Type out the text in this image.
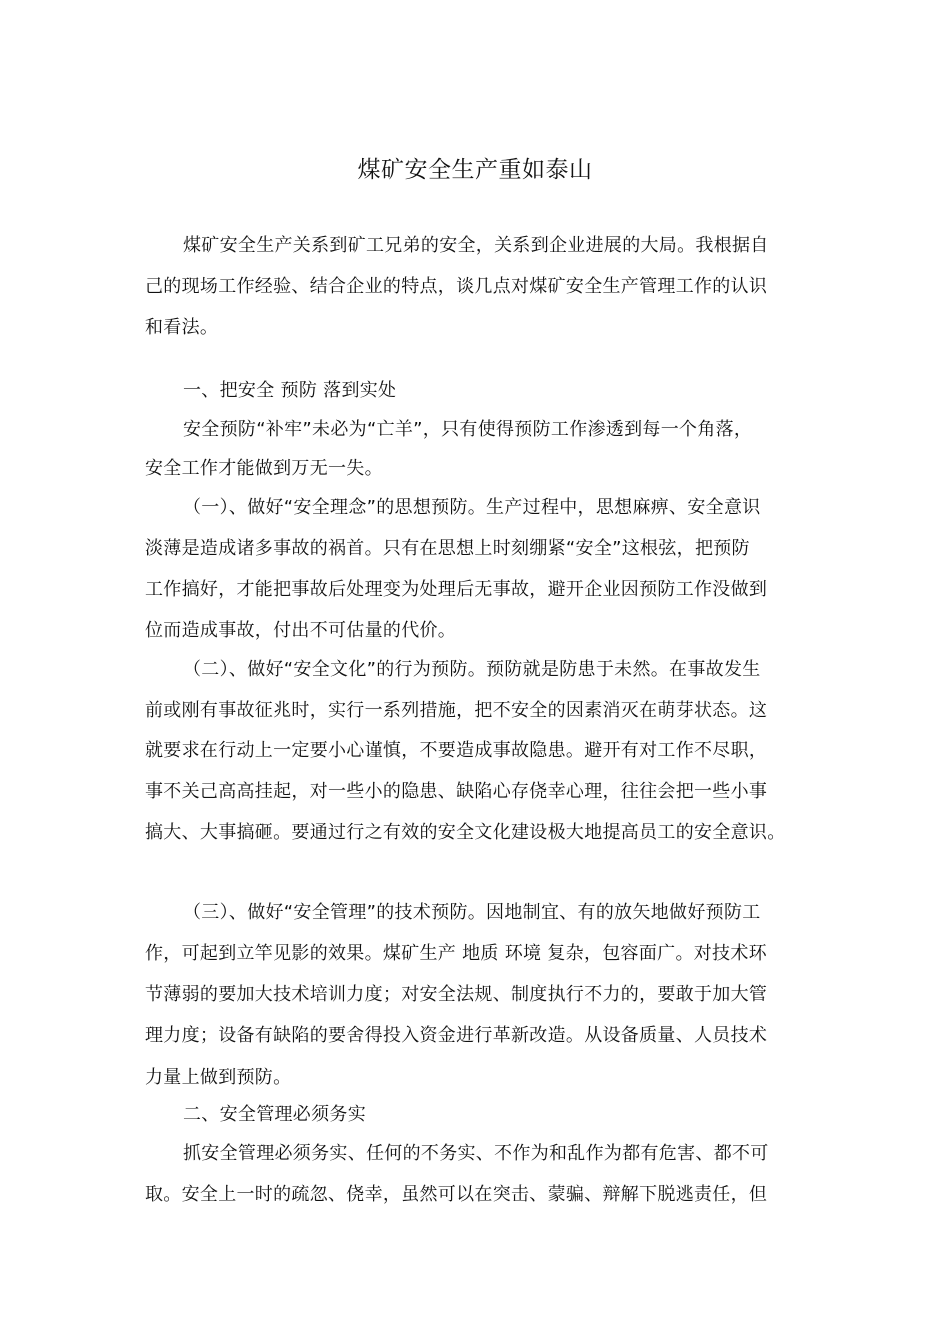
煤矿安全生产重如泰山
煤矿安全生产关系到矿工兄弟的安全，关系到企业进展的大局。我根据自
己的现场工作经验、结合企业的特点，谈几点对煤矿安全生产管理工作的认识
和看法。
一、把安全 预防 落到实处
安全预防“补牢”未必为“亡羊”，只有使得预防工作渗透到每一个角落，
安全工作才能做到万无一失。
（一）、做好“安全理念”的思想预防。生产过程中，思想麻痹、安全意识
淡薄是造成诸多事故的祸首。只有在思想上时刻绷紧“安全”这根弦，把预防
工作搞好，才能把事故后处理变为处理后无事故，避开企业因预防工作没做到
位而造成事故，付出不可估量的代价。
（二）、做好“安全文化”的行为预防。预防就是防患于未然。在事故发生
前或刚有事故征兆时，实行一系列措施，把不安全的因素消灭在萌芽状态。这
就要求在行动上一定要小心谨慎，不要造成事故隐患。避开有对工作不尽职，
事不关己高高挂起，对一些小的隐患、缺陷心存侥幸心理，往往会把一些小事
搞大、大事搞砸。要通过行之有效的安全文化建设极大地提高员工的安全意识。
（三）、做好“安全管理”的技术预防。因地制宜、有的放矢地做好预防工
作，可起到立竿见影的效果。煤矿生产 地质 环境 复杂，包容面广。对技术环
节薄弱的要加大技术培训力度；对安全法规、制度执行不力的，要敢于加大管
理力度；设备有缺陷的要舍得投入资金进行革新改造。从设备质量、人员技术
力量上做到预防。
二、安全管理必须务实
抓安全管理必须务实、任何的不务实、不作为和乱作为都有危害、都不可
取。安全上一时的疏忽、侥幸，虽然可以在突击、蒙骗、辩解下脱逃责任，但
